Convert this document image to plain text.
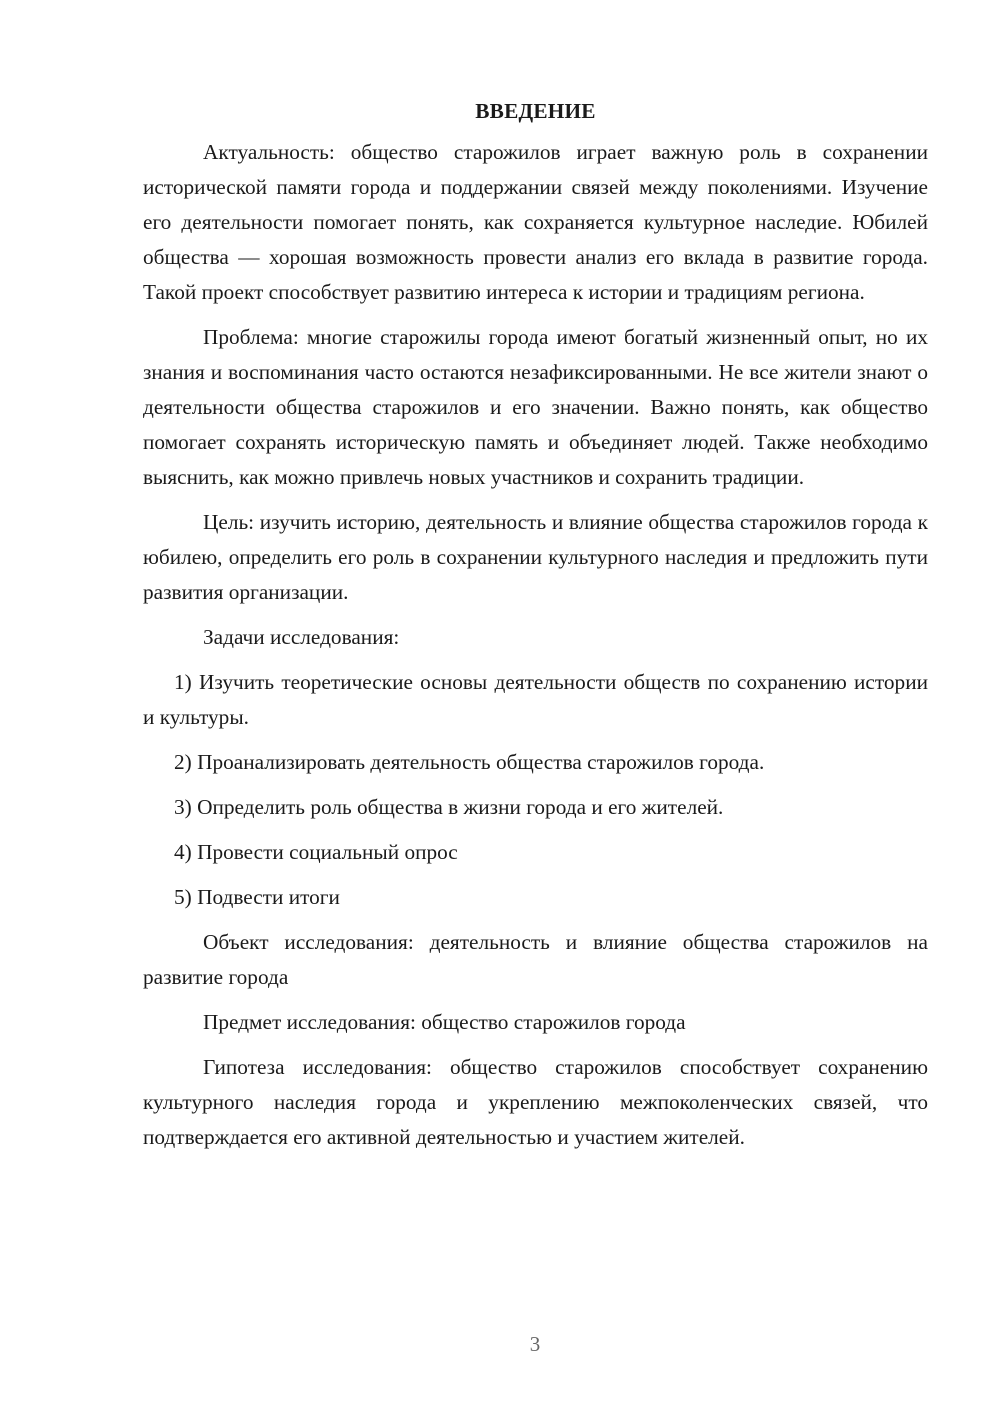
ВВЕДЕНИЕ

Актуальность: общество старожилов играет важную роль в сохранении исторической памяти города и поддержании связей между поколениями. Изучение его деятельности помогает понять, как сохраняется культурное наследие. Юбилей общества — хорошая возможность провести анализ его вклада в развитие города. Такой проект способствует развитию интереса к истории и традициям региона.

Проблема: многие старожилы города имеют богатый жизненный опыт, но их знания и воспоминания часто остаются незафиксированными. Не все жители знают о деятельности общества старожилов и его значении. Важно понять, как общество помогает сохранять историческую память и объединяет людей. Также необходимо выяснить, как можно привлечь новых участников и сохранить традиции.

Цель: изучить историю, деятельность и влияние общества старожилов города к юбилею, определить его роль в сохранении культурного наследия и предложить пути развития организации.

Задачи исследования:

1) Изучить теоретические основы деятельности обществ по сохранению истории и культуры.

2) Проанализировать деятельность общества старожилов города.

3) Определить роль общества в жизни города и его жителей.

4) Провести социальный опрос

5) Подвести итоги

Объект исследования: деятельность и влияние общества старожилов на развитие города

Предмет исследования: общество старожилов города

Гипотеза исследования: общество старожилов способствует сохранению культурного наследия города и укреплению межпоколенческих связей, что подтверждается его активной деятельностью и участием жителей.

3
